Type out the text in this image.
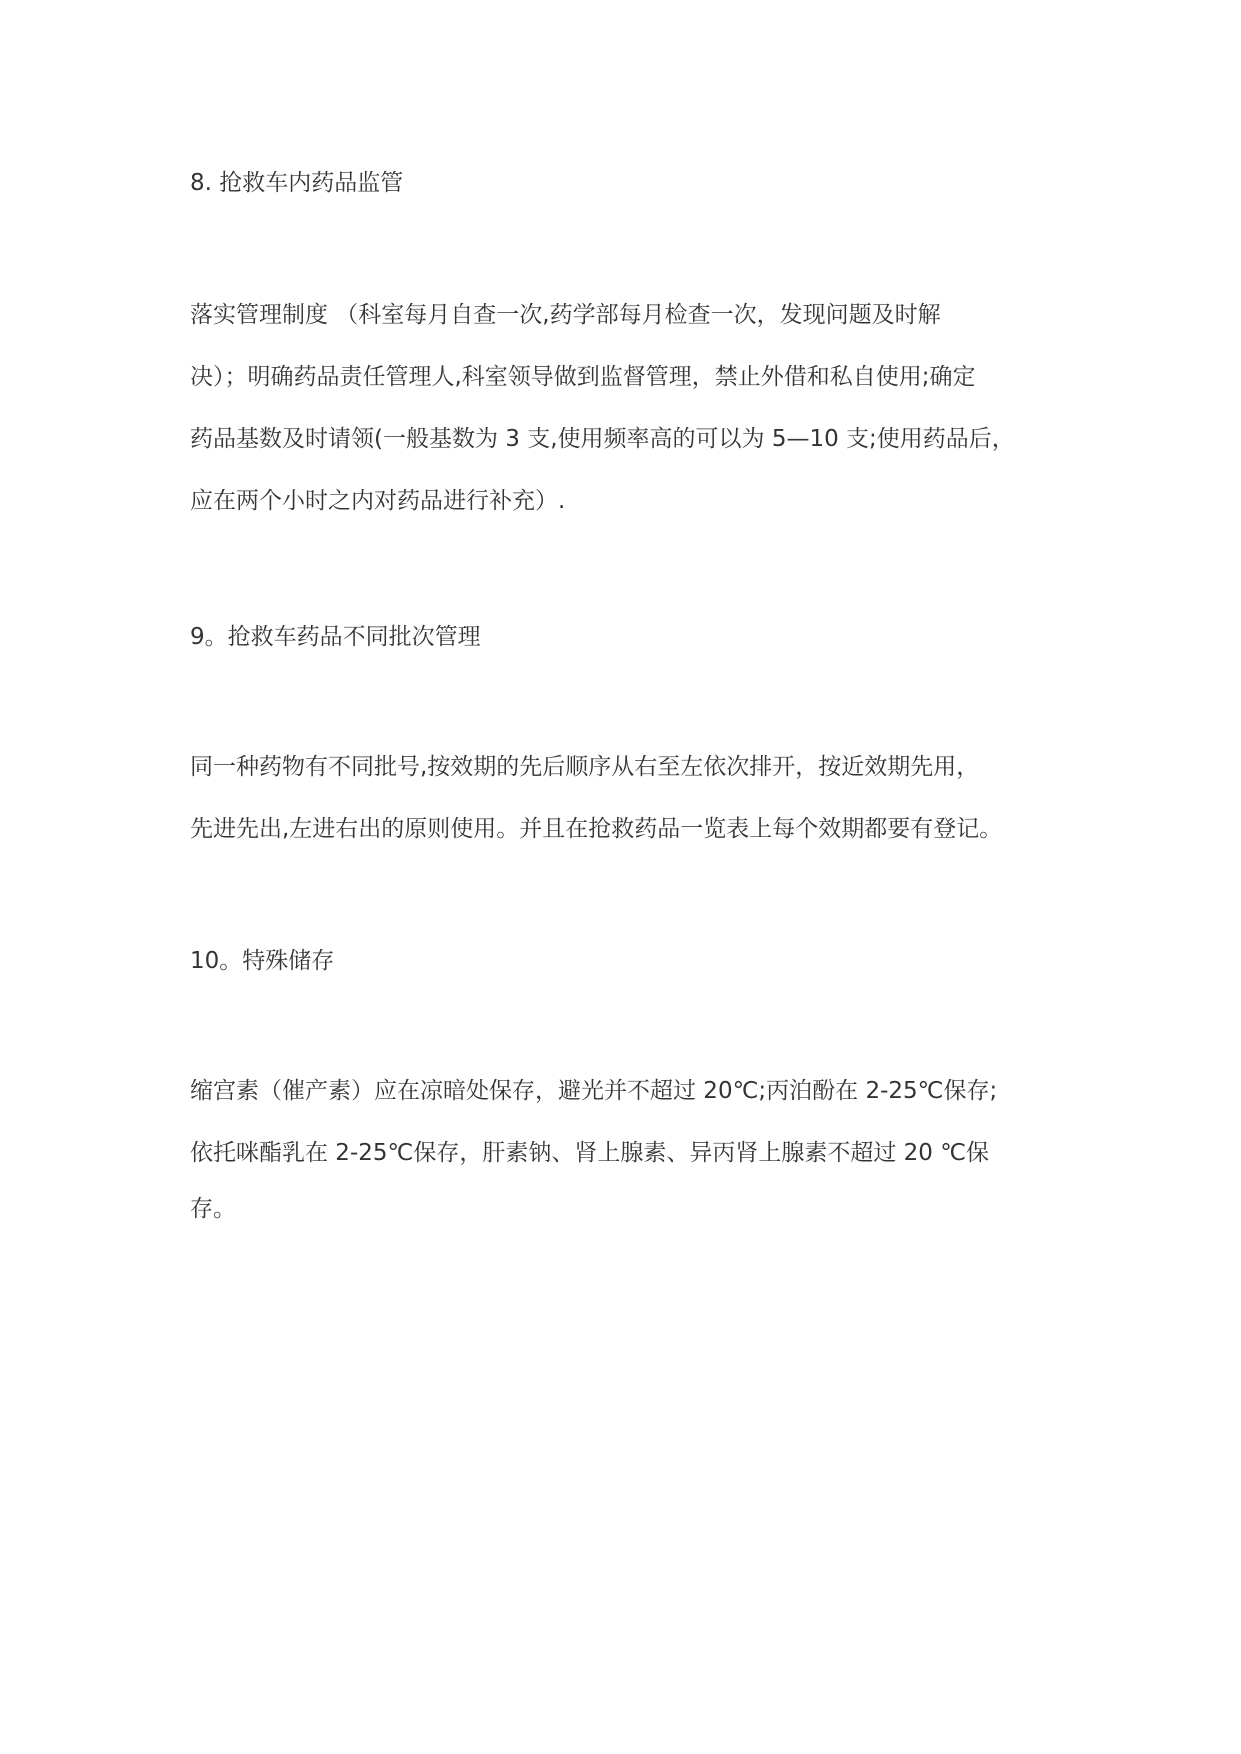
8. 抢救车内药品监管
落实管理制度 （科室每月自查一次,药学部每月检查一次，发现问题及时解
决）；明确药品责任管理人,科室领导做到监督管理，禁止外借和私自使用;确定
药品基数及时请领(一般基数为 3 支,使用频率高的可以为 5—10 支;使用药品后，
应在两个小时之内对药品进行补充）.
9。抢救车药品不同批次管理
同一种药物有不同批号,按效期的先后顺序从右至左依次排开，按近效期先用，
先进先出,左进右出的原则使用。并且在抢救药品一览表上每个效期都要有登记。
10。特殊储存
缩宫素（催产素）应在凉暗处保存，避光并不超过 20℃;丙泊酚在 2-25℃保存;
依托咪酯乳在 2-25℃保存，肝素钠、肾上腺素、异丙肾上腺素不超过 20 ℃保
存。
